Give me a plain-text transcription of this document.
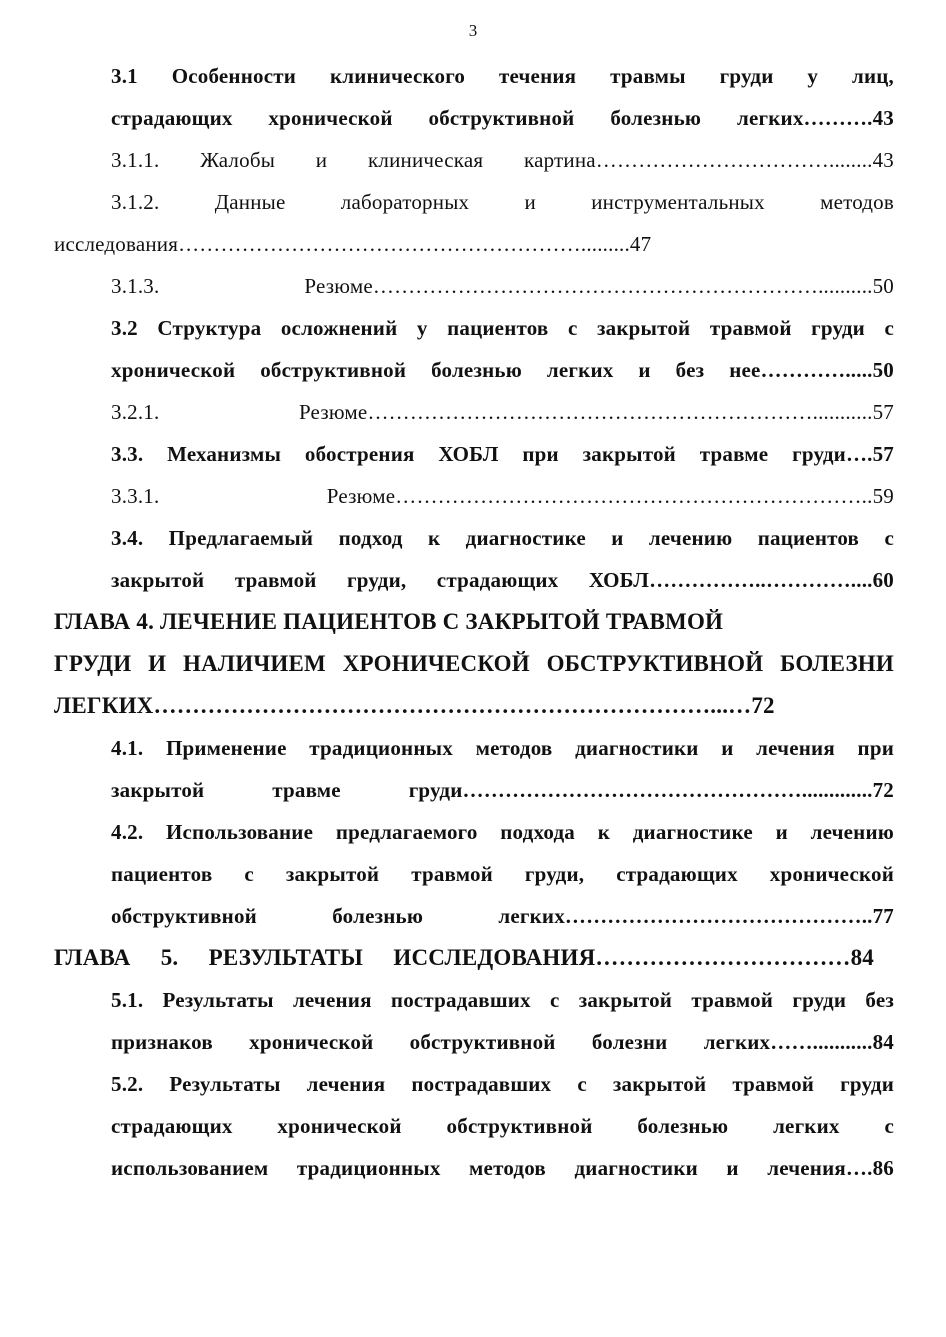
3
3.1 Особенности клинического течения травмы груди у лиц,
страдающих хронической обструктивной болезнью легких……….43
3.1.1. Жалобы и клиническая картина……………………………........43
3.1.2. Данные лабораторных и инструментальных методов
исследования………………………………………………….........47
3.1.3. Резюме………………………………………………………..........50
3.2 Структура осложнений у пациентов с закрытой травмой груди с
хронической обструктивной болезнью легких и без нее………….....50
3.2.1. Резюме………………………………………………………...........57
3.3. Механизмы обострения ХОБЛ при закрытой травме груди….57
3.3.1. Резюме…………………………………………………………..59
3.4. Предлагаемый подход к диагностике и лечению пациентов с
закрытой травмой груди, страдающих ХОБЛ……………..…………....60
ГЛАВА 4. ЛЕЧЕНИЕ ПАЦИЕНТОВ С ЗАКРЫТОЙ ТРАВМОЙ
ГРУДИ И НАЛИЧИЕМ ХРОНИЧЕСКОЙ ОБСТРУКТИВНОЙ БОЛЕЗНИ
ЛЕГКИХ………………………………………………………………...…72
4.1. Применение традиционных методов диагностики и лечения при
закрытой травме груди………………………………………….............72
4.2. Использование предлагаемого подхода к диагностике и лечению
пациентов с закрытой травмой груди, страдающих хронической
обструктивной болезнью легких……………………………………..77
ГЛАВА 5. РЕЗУЛЬТАТЫ ИССЛЕДОВАНИЯ……………………………84
5.1. Результаты лечения пострадавших с закрытой травмой груди без
признаков хронической обструктивной болезни легких……...........84
5.2. Результаты лечения пострадавших с закрытой травмой груди
страдающих хронической обструктивной болезнью легких с
использованием традиционных методов диагностики и лечения….86
